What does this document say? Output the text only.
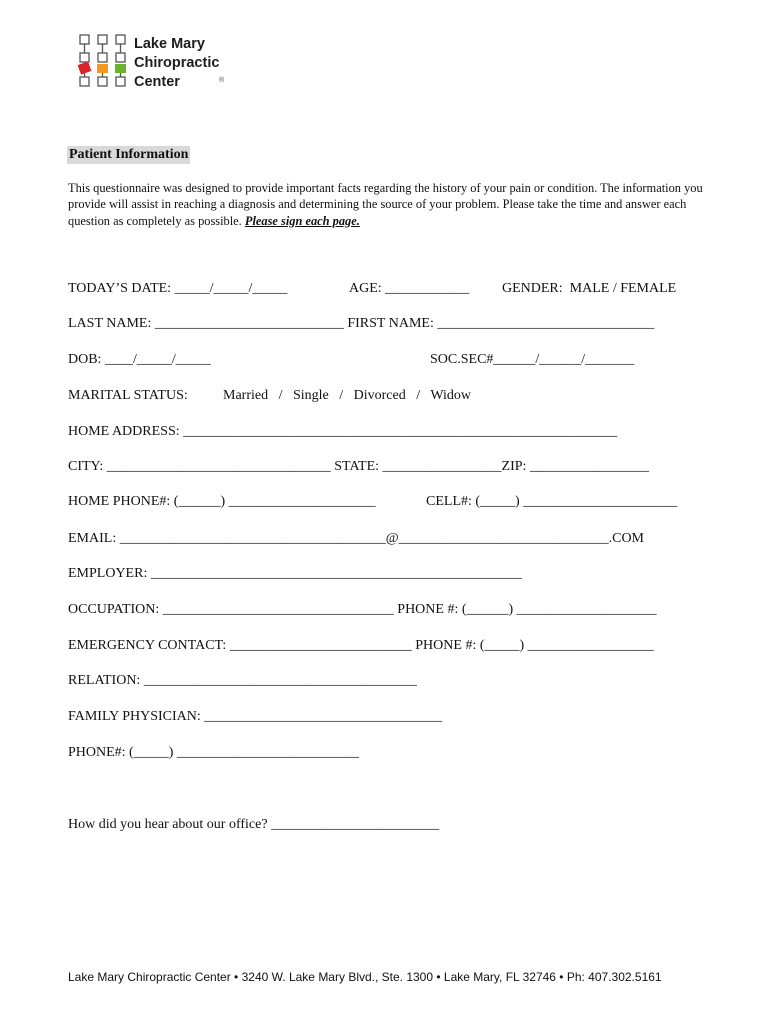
Lake Mary
Chiropractic
Center	®
Patient Information
This questionnaire was designed to provide important facts regarding the history of your pain or condition. The information you provide will assist in reaching a diagnosis and determining the source of your problem. Please take the time and answer each question as completely as possible. Please sign each page.
TODAY’S DATE: _____/_____/_____	AGE: ____________ GENDER:  MALE / FEMALE
LAST NAME: ___________________________ FIRST NAME: _______________________________
DOB: ____/_____/_____	SOC.SEC#______/______/_______
MARITAL STATUS:	Married   /   Single   /   Divorced   /   Widow
HOME ADDRESS: ______________________________________________________________
CITY: ________________________________ STATE: _________________ZIP: _________________
HOME PHONE#: (______) _____________________	CELL#: (_____) ______________________
EMAIL: ______________________________________@______________________________.COM
EMPLOYER: _____________________________________________________
OCCUPATION: _________________________________ PHONE #: (______) ____________________
EMERGENCY CONTACT: __________________________ PHONE #: (_____) __________________
RELATION: _______________________________________
FAMILY PHYSICIAN: __________________________________
PHONE#: (_____) __________________________
How did you hear about our office? ________________________
Lake Mary Chiropractic Center • 3240 W. Lake Mary Blvd., Ste. 1300 • Lake Mary, FL 32746 • Ph: 407.302.5161
